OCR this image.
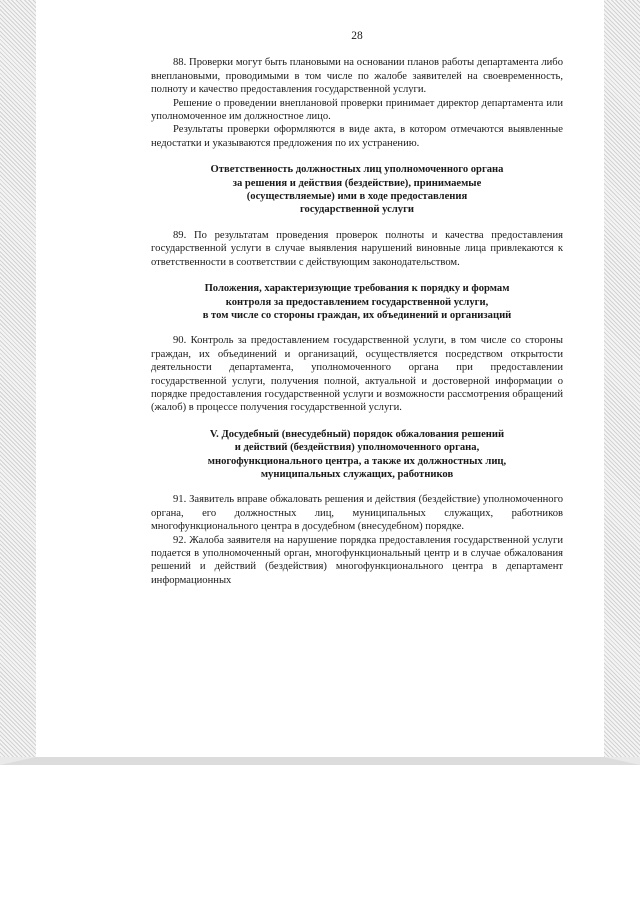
28

88. Проверки могут быть плановыми на основании планов работы департамента либо внеплановыми, проводимыми в том числе по жалобе заявителей на своевременность, полноту и качество предоставления государственной услуги.

Решение о проведении внеплановой проверки принимает директор департамента или уполномоченное им должностное лицо.

Результаты проверки оформляются в виде акта, в котором отмечаются выявленные недостатки и указываются предложения по их устранению.

Ответственность должностных лиц уполномоченного органа
за решения и действия (бездействие), принимаемые
(осуществляемые) ими в ходе предоставления
государственной услуги

89. По результатам проведения проверок полноты и качества предоставления государственной услуги в случае выявления нарушений виновные лица привлекаются к ответственности в соответствии с действующим законодательством.

Положения, характеризующие требования к порядку и формам
контроля за предоставлением государственной услуги,
в том числе со стороны граждан, их объединений и организаций

90. Контроль за предоставлением государственной услуги, в том числе со стороны граждан, их объединений и организаций, осуществляется посредством открытости деятельности департамента, уполномоченного органа при предоставлении государственной услуги, получения полной, актуальной и достоверной информации о порядке предоставления государственной услуги и возможности рассмотрения обращений (жалоб) в процессе получения государственной услуги.

V. Досудебный (внесудебный) порядок обжалования решений
и действий (бездействия) уполномоченного органа,
многофункционального центра, а также их должностных лиц,
муниципальных служащих, работников

91. Заявитель вправе обжаловать решения и действия (бездействие) уполномоченного органа, его должностных лиц, муниципальных служащих, работников многофункционального центра в досудебном (внесудебном) порядке.

92. Жалоба заявителя на нарушение порядка предоставления государственной услуги подается в уполномоченный орган, многофункциональный центр и в случае обжалования решений и действий (бездействия) многофункционального центра в департамент информационных
